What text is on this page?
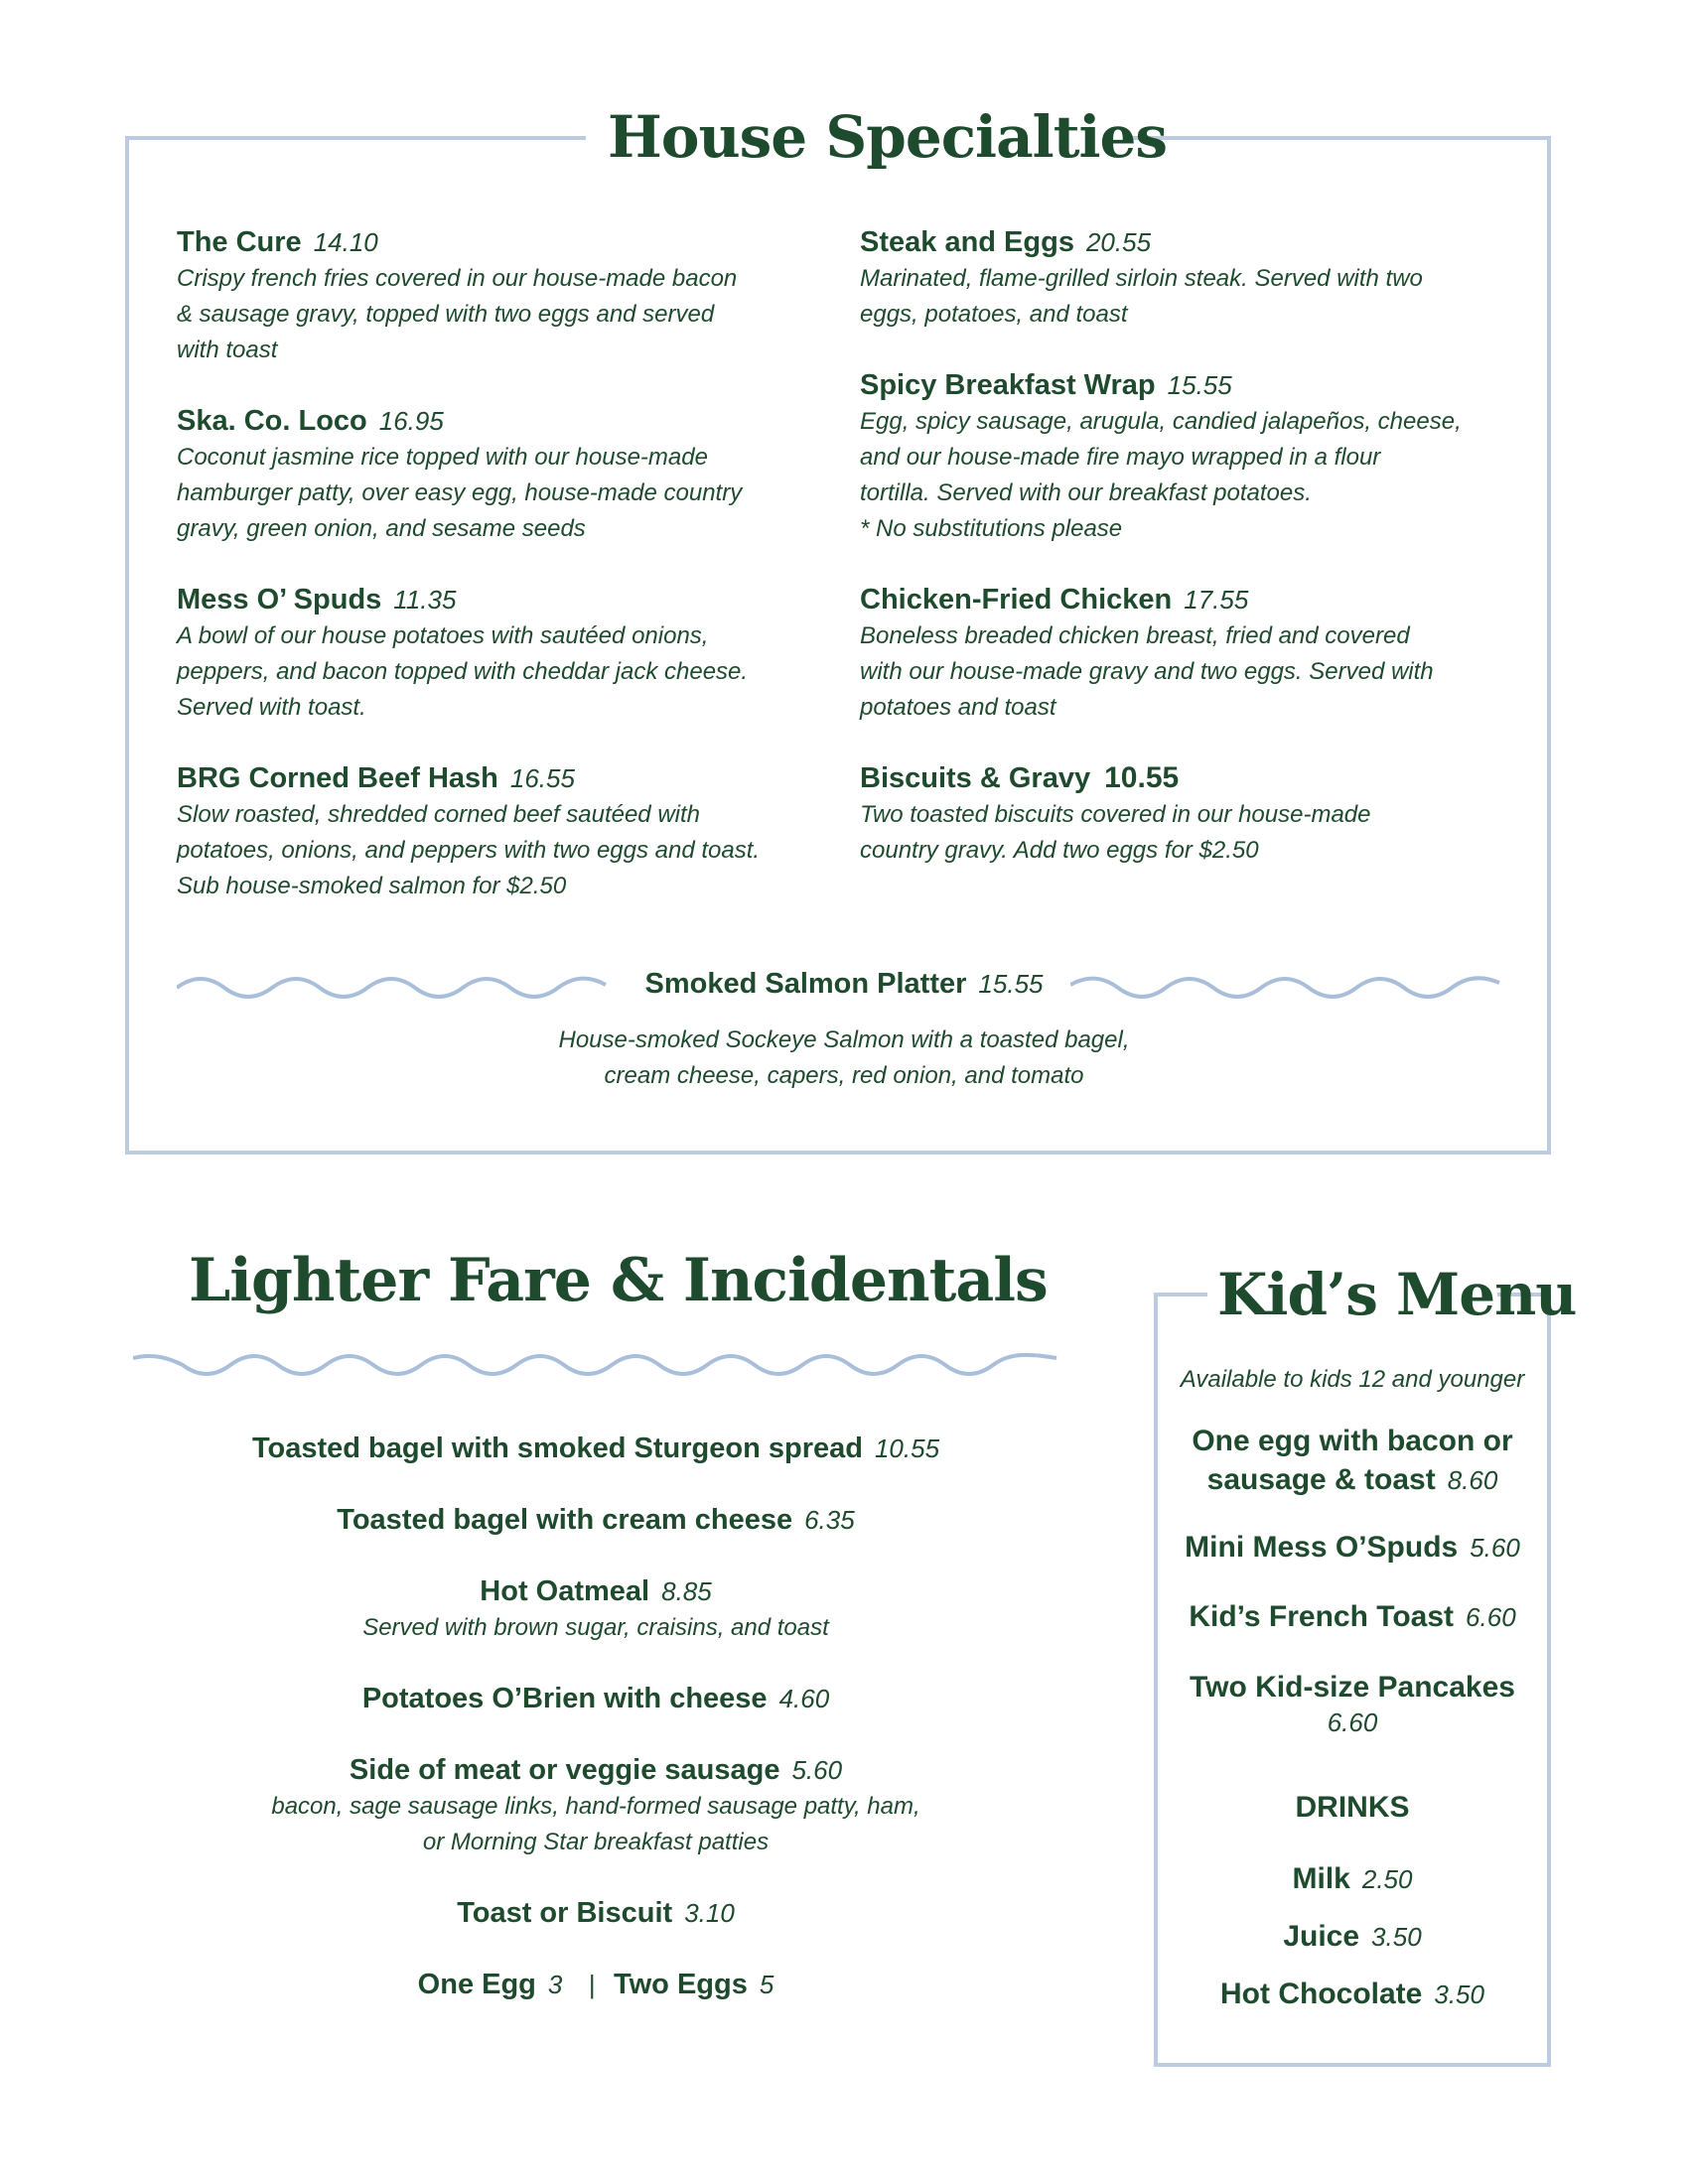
House Specialties
The Cure 14.10
Crispy french fries covered in our house-made bacon
& sausage gravy, topped with two eggs and served
with toast
Ska. Co. Loco 16.95
Coconut jasmine rice topped with our house-made
hamburger patty, over easy egg, house-made country
gravy, green onion, and sesame seeds
Mess O’ Spuds 11.35
A bowl of our house potatoes with sautéed onions,
peppers, and bacon topped with cheddar jack cheese.
Served with toast.
BRG Corned Beef Hash 16.55
Slow roasted, shredded corned beef sautéed with
potatoes, onions, and peppers with two eggs and toast.
Sub house-smoked salmon for $2.50
Steak and Eggs 20.55
Marinated, flame-grilled sirloin steak. Served with two
eggs, potatoes, and toast
Spicy Breakfast Wrap 15.55
Egg, spicy sausage, arugula, candied jalapeños, cheese,
and our house-made fire mayo wrapped in a flour
tortilla. Served with our breakfast potatoes.
* No substitutions please
Chicken-Fried Chicken 17.55
Boneless breaded chicken breast, fried and covered
with our house-made gravy and two eggs. Served with
potatoes and toast
Biscuits & Gravy 10.55
Two toasted biscuits covered in our house-made
country gravy. Add two eggs for $2.50
Smoked Salmon Platter 15.55
House-smoked Sockeye Salmon with a toasted bagel,
cream cheese, capers, red onion, and tomato
Lighter Fare & Incidentals
Toasted bagel with smoked Sturgeon spread 10.55
Toasted bagel with cream cheese 6.35
Hot Oatmeal 8.85
Served with brown sugar, craisins, and toast
Potatoes O’Brien with cheese 4.60
Side of meat or veggie sausage 5.60
bacon, sage sausage links, hand-formed sausage patty, ham,
or Morning Star breakfast patties
Toast or Biscuit 3.10
One Egg 3 | Two Eggs 5
Kid’s Menu
Available to kids 12 and younger
One egg with bacon or
sausage & toast 8.60
Mini Mess O’Spuds 5.60
Kid’s French Toast 6.60
Two Kid-size Pancakes
6.60
DRINKS
Milk 2.50
Juice 3.50
Hot Chocolate 3.50
